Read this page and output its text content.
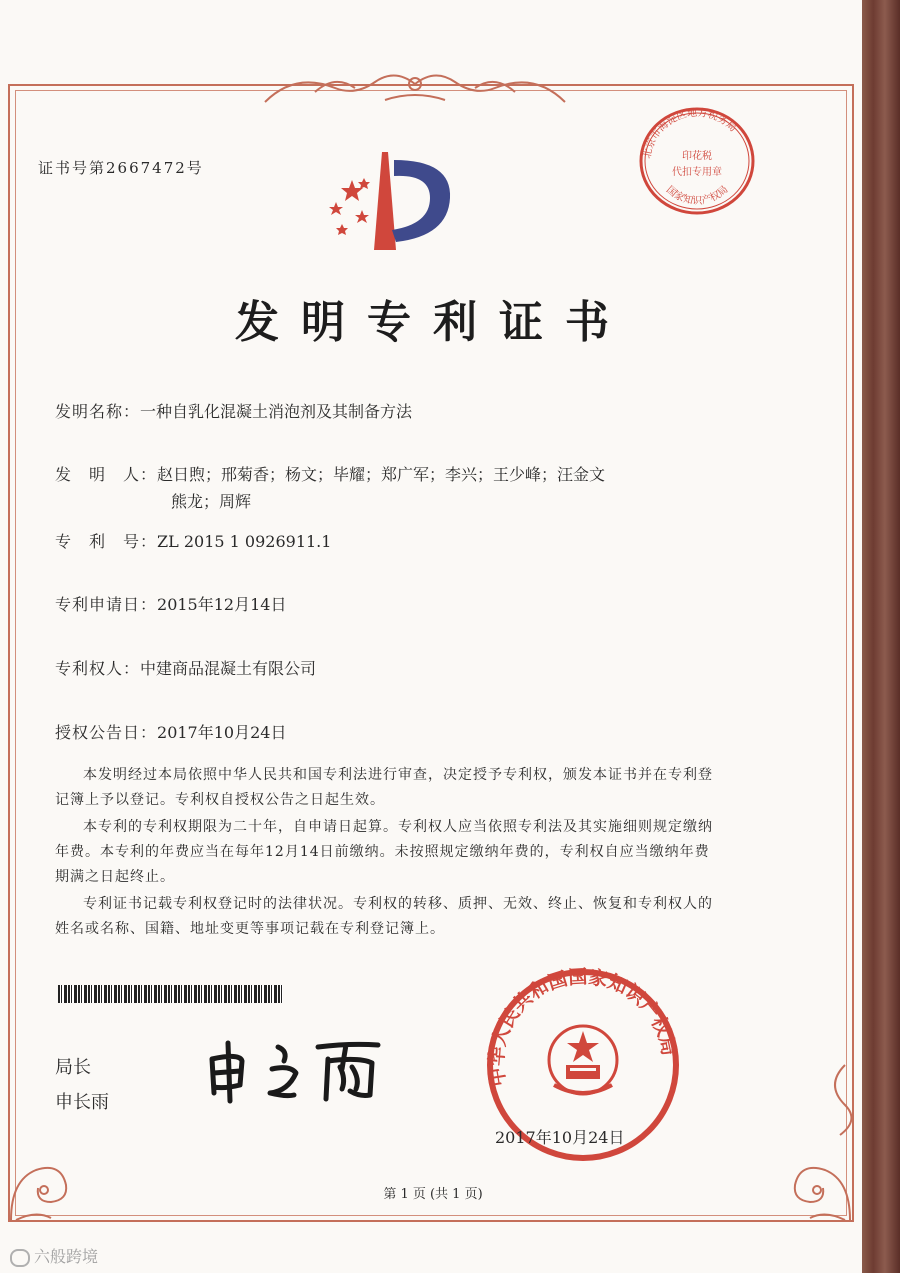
证书号第2667472号
北京市海淀区地方税务局
国家知识产权局
印花税
代扣专用章
发明专利证书
发明名称：一种自乳化混凝土消泡剂及其制备方法
发　明　人：赵日煦；邢菊香；杨文；毕耀；郑广军；李兴；王少峰；汪金文
熊龙；周辉
专　利　号：ZL 2015 1 0926911.1
专利申请日：2015年12月14日
专利权人：中建商品混凝土有限公司
授权公告日：2017年10月24日

本发明经过本局依照中华人民共和国专利法进行审查，决定授予专利权，颁发本证书并在专利登记簿上予以登记。专利权自授权公告之日起生效。

本专利的专利权期限为二十年，自申请日起算。专利权人应当依照专利法及其实施细则规定缴纳年费。本专利的年费应当在每年12月14日前缴纳。未按照规定缴纳年费的，专利权自应当缴纳年费期满之日起终止。

专利证书记载专利权登记时的法律状况。专利权的转移、质押、无效、终止、恢复和专利权人的姓名或名称、国籍、地址变更等事项记载在专利登记簿上。

局长
申长雨
中华人民共和国国家知识产权局
2017年10月24日
第 1 页 (共 1 页)
六般跨境
